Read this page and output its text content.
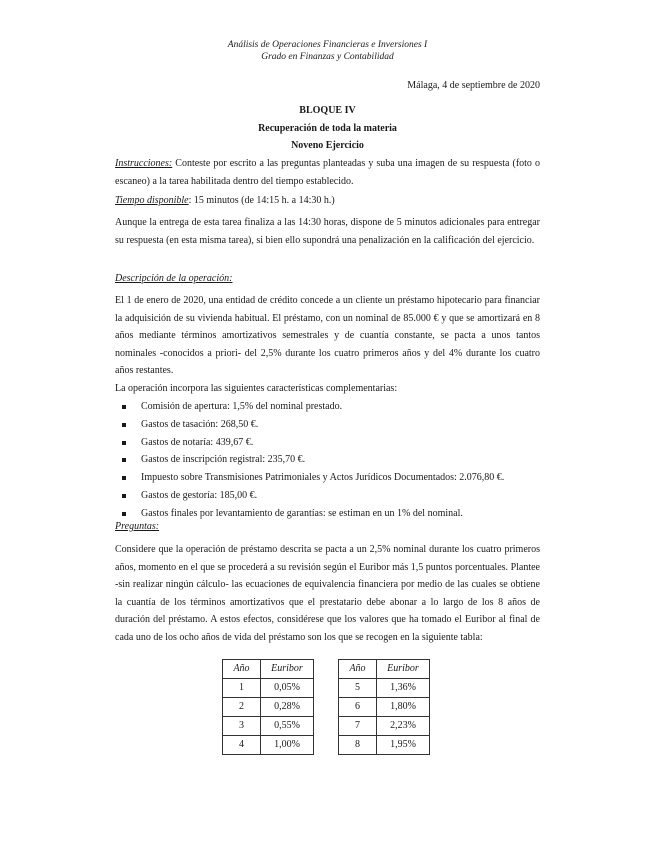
Análisis de Operaciones Financieras e Inversiones I
Grado en Finanzas y Contabilidad
Málaga, 4 de septiembre de 2020
BLOQUE IV
Recuperación de toda la materia
Noveno Ejercicio
Instrucciones: Conteste por escrito a las preguntas planteadas y suba una imagen de su respuesta (foto o escaneo) a la tarea habilitada dentro del tiempo establecido.
Tiempo disponible: 15 minutos (de 14:15 h. a 14:30 h.)
Aunque la entrega de esta tarea finaliza a las 14:30 horas, dispone de 5 minutos adicionales para entregar su respuesta (en esta misma tarea), si bien ello supondrá una penalización en la calificación del ejercicio.
Descripción de la operación:
El 1 de enero de 2020, una entidad de crédito concede a un cliente un préstamo hipotecario para financiar la adquisición de su vivienda habitual. El préstamo, con un nominal de 85.000 € y que se amortizará en 8 años mediante términos amortizativos semestrales y de cuantía constante, se pacta a unos tantos nominales -conocidos a priori- del 2,5% durante los cuatro primeros años y del 4% durante los cuatro años restantes.
La operación incorpora las siguientes características complementarias:
Comisión de apertura: 1,5% del nominal prestado.
Gastos de tasación: 268,50 €.
Gastos de notaría: 439,67 €.
Gastos de inscripción registral: 235,70 €.
Impuesto sobre Transmisiones Patrimoniales y Actos Jurídicos Documentados: 2.076,80 €.
Gastos de gestoría: 185,00 €.
Gastos finales por levantamiento de garantías: se estiman en un 1% del nominal.
Preguntas:
Considere que la operación de préstamo descrita se pacta a un 2,5% nominal durante los cuatro primeros años, momento en el que se procederá a su revisión según el Euribor más 1,5 puntos porcentuales. Plantee -sin realizar ningún cálculo- las ecuaciones de equivalencia financiera por medio de las cuales se obtiene la cuantía de los términos amortizativos que el prestatario debe abonar a lo largo de los 8 años de duración del préstamo. A estos efectos, considérese que los valores que ha tomado el Euribor al final de cada uno de los ocho años de vida del préstamo son los que se recogen en la siguiente tabla:
Año	Euribor
1	0,05%
2	0,28%
3	0,55%
4	1,00%
Año	Euribor
5	1,36%
6	1,80%
7	2,23%
8	1,95%
